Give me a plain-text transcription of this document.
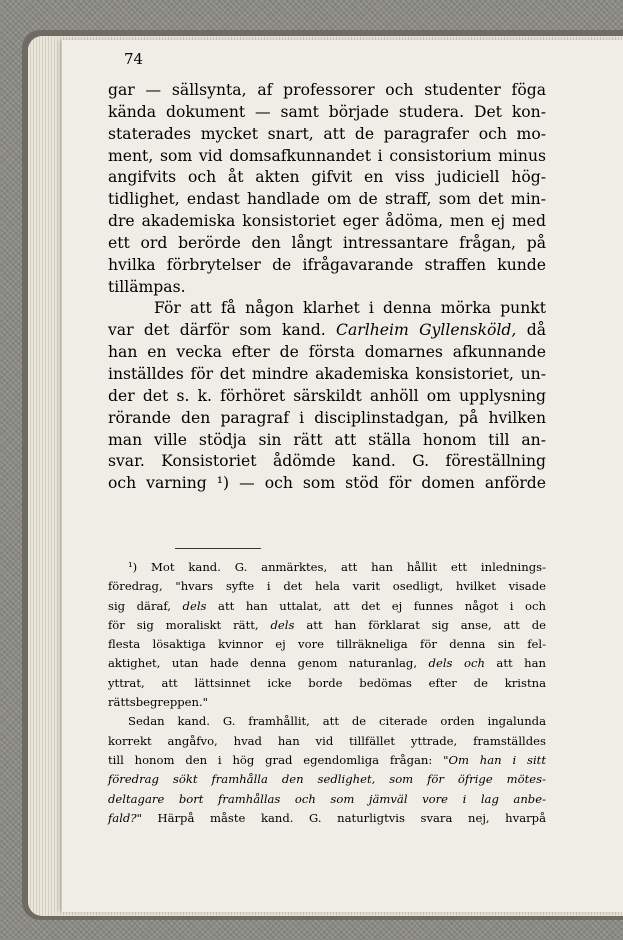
74
gar — sällsynta, af professorer och studenter föga
kända dokument — samt började studera. Det kon-
staterades mycket snart, att de paragrafer och mo-
ment, som vid domsafkunnandet i consistorium minus
angifvits och åt akten gifvit en viss judiciell hög-
tidlighet, endast handlade om de straff, som det min-
dre akademiska konsistoriet eger ådöma, men ej med
ett ord berörde den långt intressantare frågan, på
hvilka förbrytelser de ifrågavarande straffen kunde
tillämpas.
För att få någon klarhet i denna mörka punkt
var det därför som kand. Carlheim Gyllensköld, då
han en vecka efter de första domarnes afkunnande
inställdes för det mindre akademiska konsistoriet, un-
der det s. k. förhöret särskildt anhöll om upplysning
rörande den paragraf i disciplinstadgan, på hvilken
man ville stödja sin rätt att ställa honom till an-
svar. Konsistoriet ådömde kand. G. föreställning
och varning ¹) — och som stöd för domen anförde
¹) Mot kand. G. anmärktes, att han hållit ett inlednings-
föredrag, "hvars syfte i det hela varit osedligt, hvilket visade
sig däraf, dels att han uttalat, att det ej funnes något i och
för sig moraliskt rätt, dels att han förklarat sig anse, att de
flesta lösaktiga kvinnor ej vore tillräkneliga för denna sin fel-
aktighet, utan hade denna genom naturanlag, dels och att han
yttrat, att lättsinnet icke borde bedömas efter de kristna
rättsbegreppen."
Sedan kand. G. framhållit, att de citerade orden ingalunda
korrekt angåfvo, hvad han vid tillfället yttrade, framställdes
till honom den i hög grad egendomliga frågan: "Om han i sitt
föredrag sökt framhålla den sedlighet, som för öfrige mötes-
deltagare bort framhållas och som jämväl vore i lag anbe-
fald?" Härpå måste kand. G. naturligtvis svara nej, hvarpå
